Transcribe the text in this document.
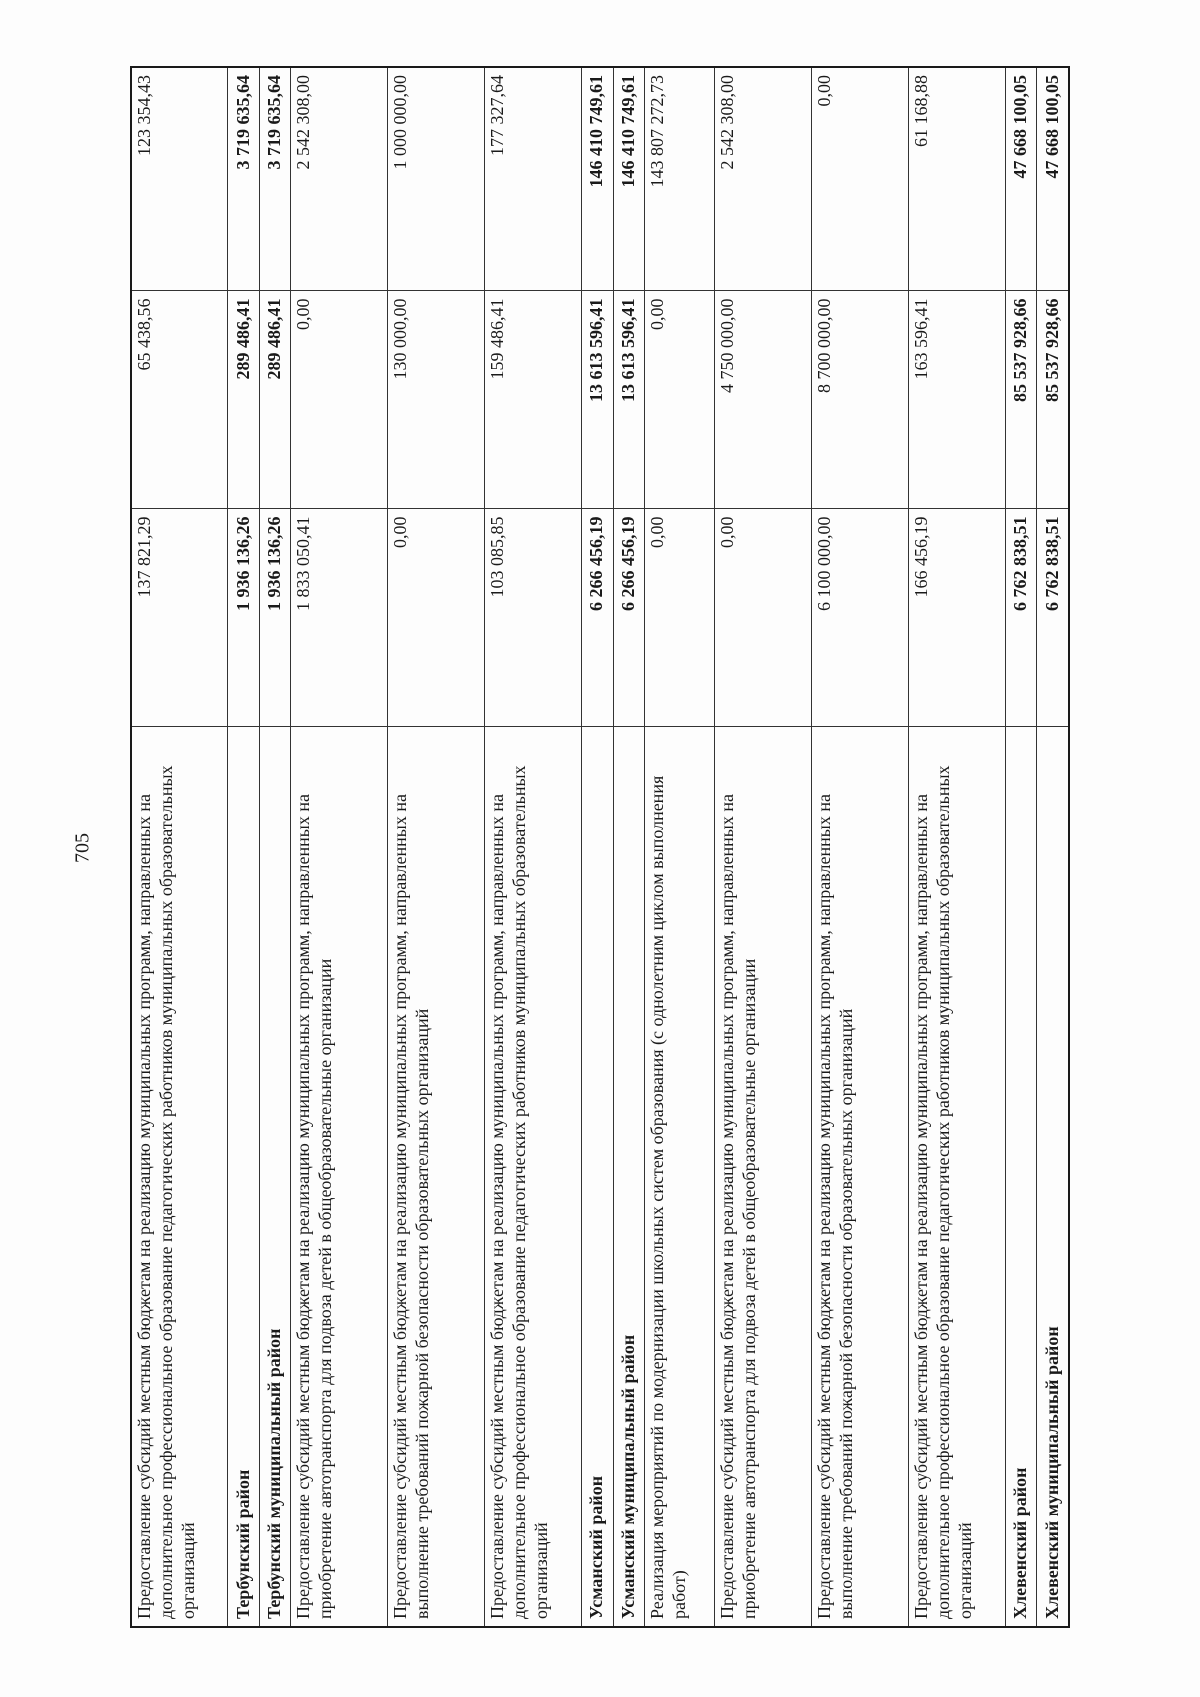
705 Предоставление субсидий местным бюджетам на реализацию муниципальных программ, направленных на дополнительное профессиональное образование педагогических работников муниципальных образовательных организаций	137 821,29	65 438,56	123 354,43
Тербунский район	1 936 136,26	289 486,41	3 719 635,64
Тербунский муниципальный район	1 936 136,26	289 486,41	3 719 635,64
Предоставление субсидий местным бюджетам на реализацию муниципальных программ, направленных на приобретение автотранспорта для подвоза детей в общеобразовательные организации	1 833 050,41	0,00	2 542 308,00
Предоставление субсидий местным бюджетам на реализацию муниципальных программ, направленных на выполнение требований пожарной безопасности образовательных организаций	0,00	130 000,00	1 000 000,00
Предоставление субсидий местным бюджетам на реализацию муниципальных программ, направленных на дополнительное профессиональное образование педагогических работников муниципальных образовательных организаций	103 085,85	159 486,41	177 327,64
Усманский район	6 266 456,19	13 613 596,41	146 410 749,61
Усманский муниципальный район	6 266 456,19	13 613 596,41	146 410 749,61
Реализация мероприятий по модернизации школьных систем образования (с однолетним циклом выполнения работ)	0,00	0,00	143 807 272,73
Предоставление субсидий местным бюджетам на реализацию муниципальных программ, направленных на приобретение автотранспорта для подвоза детей в общеобразовательные организации	0,00	4 750 000,00	2 542 308,00
Предоставление субсидий местным бюджетам на реализацию муниципальных программ, направленных на выполнение требований пожарной безопасности образовательных организаций	6 100 000,00	8 700 000,00	0,00
Предоставление субсидий местным бюджетам на реализацию муниципальных программ, направленных на дополнительное профессиональное образование педагогических работников муниципальных образовательных организаций	166 456,19	163 596,41	61 168,88
Хлевенский район	6 762 838,51	85 537 928,66	47 668 100,05
Хлевенский муниципальный район	6 762 838,51	85 537 928,66	47 668 100,05
